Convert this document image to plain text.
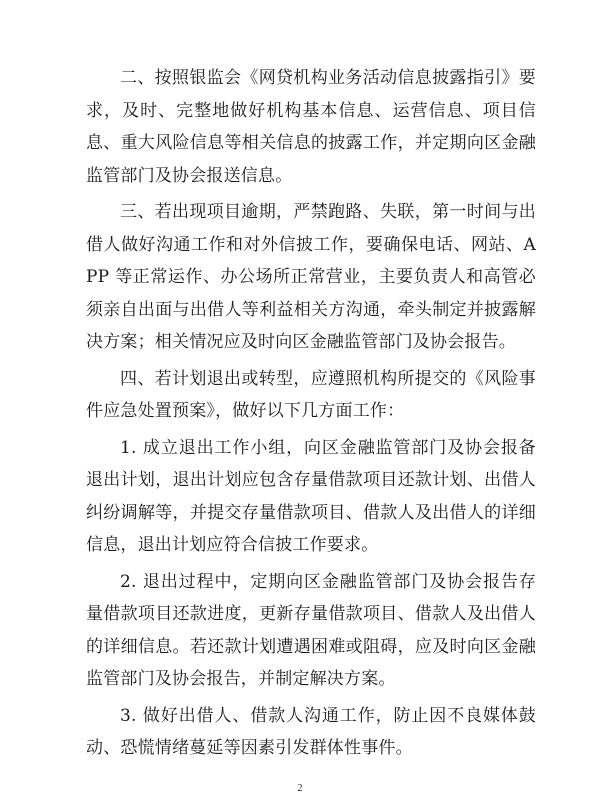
二、按照银监会《网贷机构业务活动信息披露指引》要求，及时、完整地做好机构基本信息、运营信息、项目信息、重大风险信息等相关信息的披露工作，并定期向区金融监管部门及协会报送信息。

三、若出现项目逾期，严禁跑路、失联，第一时间与出借人做好沟通工作和对外信披工作，要确保电话、网站、APP 等正常运作、办公场所正常营业，主要负责人和高管必须亲自出面与出借人等利益相关方沟通，牵头制定并披露解决方案；相关情况应及时向区金融监管部门及协会报告。

四、若计划退出或转型，应遵照机构所提交的《风险事件应急处置预案》，做好以下几方面工作：

1. 成立退出工作小组，向区金融监管部门及协会报备退出计划，退出计划应包含存量借款项目还款计划、出借人纠纷调解等，并提交存量借款项目、借款人及出借人的详细信息，退出计划应符合信披工作要求。

2. 退出过程中，定期向区金融监管部门及协会报告存量借款项目还款进度，更新存量借款项目、借款人及出借人的详细信息。若还款计划遭遇困难或阻碍，应及时向区金融监管部门及协会报告，并制定解决方案。

3. 做好出借人、借款人沟通工作，防止因不良媒体鼓动、恐慌情绪蔓延等因素引发群体性事件。

2
